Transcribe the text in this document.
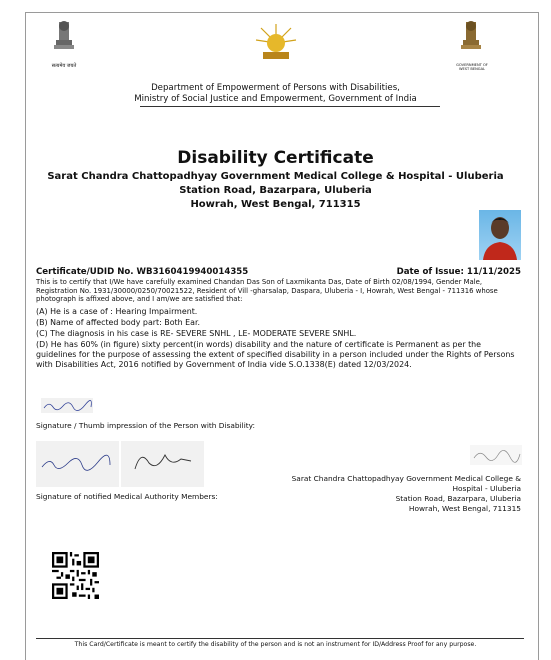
सत्यमेव जयते	GOVERNMENT OF WEST BENGAL
Department of Empowerment of Persons with Disabilities,
Ministry of Social Justice and Empowerment, Government of India
Disability Certificate
Sarat Chandra Chattopadhyay Government Medical College & Hospital - Uluberia
Station Road, Bazarpara, Uluberia
Howrah, West Bengal, 711315
Certificate/UDID No. WB3160419940014355	Date of Issue: 11/11/2025
This is to certify that I/We have carefully examined Chandan Das Son of Laxmikanta Das, Date of Birth 02/08/1994, Gender Male, Registration No. 1931/30000/0250/70021522, Resident of Vill -gharsalap, Daspara, Uluberia - I, Howrah, West Bengal - 711316 whose photograph is affixed above, and I am/we are satisfied that:
(A) He is a case of : Hearing Impairment.
(B) Name of affected body part: Both Ear.
(C) The diagnosis in his case is RE- SEVERE SNHL , LE- MODERATE SEVERE SNHL.
(D) He has 60% (in figure) sixty percent(in words) disability and the nature of certificate is Permanent as per the guidelines for the purpose of assessing the extent of specified disability in a person included under the Rights of Persons with Disabilities Act, 2016 notified by Government of India vide S.O.1338(E) dated 12/03/2024.
Signature / Thumb impression of the Person with Disability:
Signature of notified Medical Authority Members:
Sarat Chandra Chattopadhyay Government Medical College &
Hospital - Uluberia
Station Road, Bazarpara, Uluberia
Howrah, West Bengal, 711315
This Card/Certificate is meant to certify the disability of the person and is not an instrument for ID/Address Proof for any purpose.
